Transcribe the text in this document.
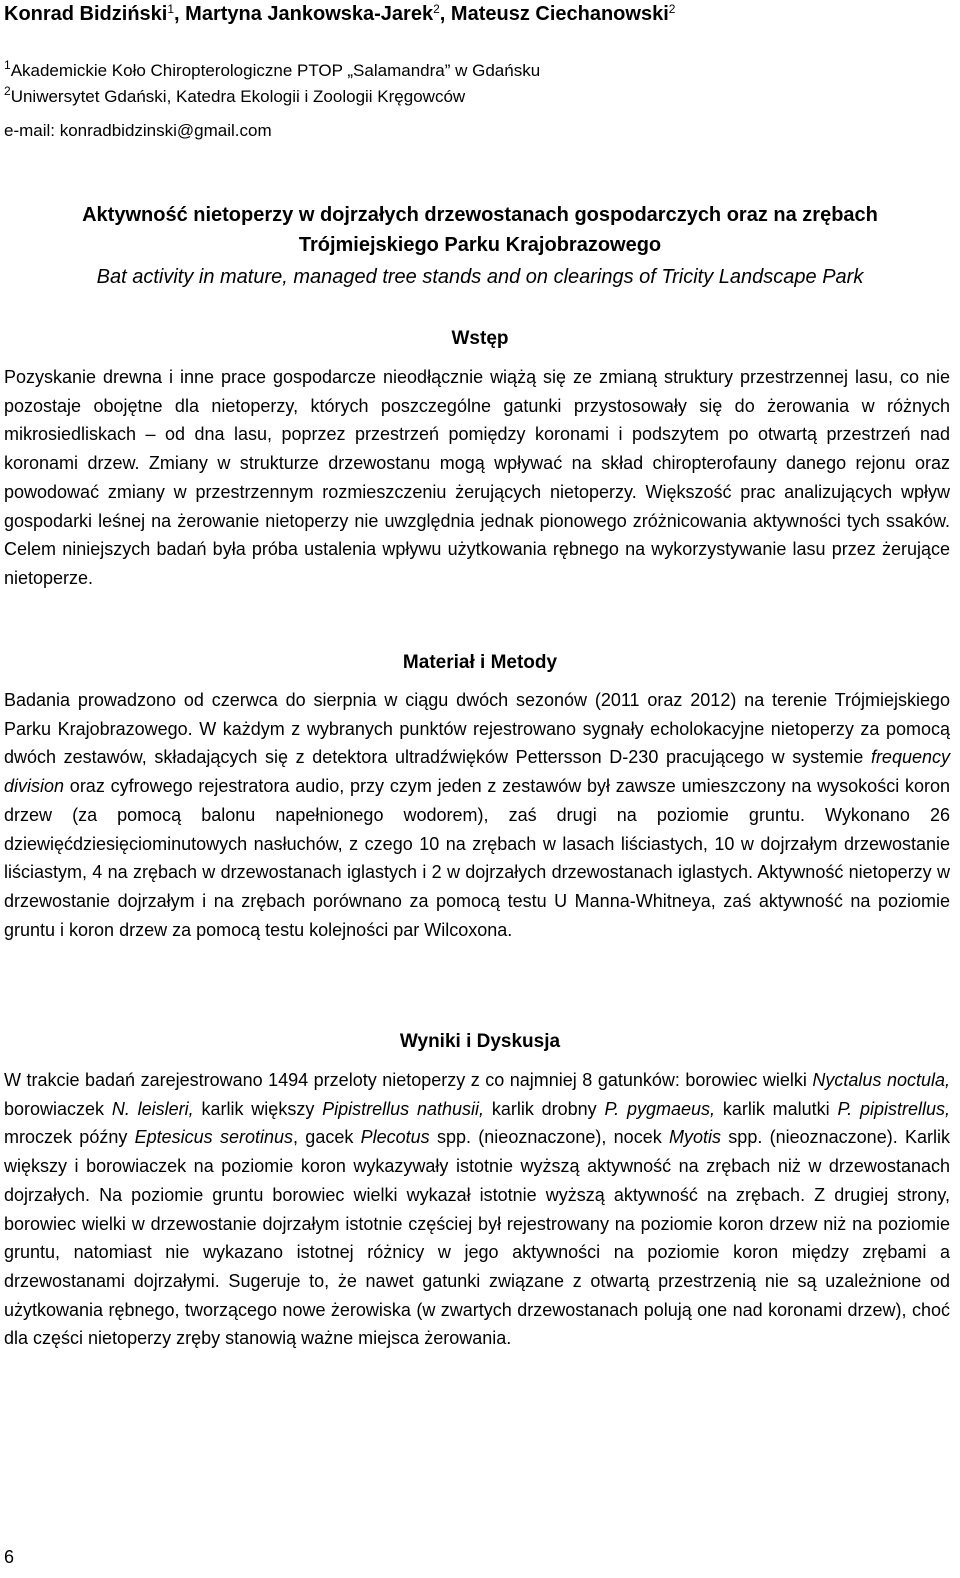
Konrad Bidziński$^1$, Martyna Jankowska-Jarek$^2$, Mateusz Ciechanowski$^2$
$^1$Akademickie Koło Chiropterologiczne PTOP „Salamandra” w Gdańsku
$^2$Uniwersytet Gdański, Katedra Ekologii i Zoologii Kręgowców
e-mail: konradbidzinski@gmail.com
Aktywność nietoperzy w dojrzałych drzewostanach gospodarczych oraz na zrębach
Trójmiejskiego Parku Krajobrazowego
Bat activity in mature, managed tree stands and on clearings of Tricity Landscape Park
Wstęp

Pozyskanie drewna i inne prace gospodarcze nieodłącznie wiążą się ze zmianą struktury przestrzennej lasu, co nie pozostaje obojętne dla nietoperzy, których poszczególne gatunki przystosowały się do żerowania w różnych mikrosiedliskach – od dna lasu, poprzez przestrzeń pomiędzy koronami i podszytem po otwartą przestrzeń nad koronami drzew. Zmiany w strukturze drzewostanu mogą wpływać na skład chiropterofauny danego rejonu oraz powodować zmiany w przestrzennym rozmieszczeniu żerujących nietoperzy. Większość prac analizujących wpływ gospodarki leśnej na żerowanie nietoperzy nie uwzględnia jednak pionowego zróżnicowania aktywności tych ssaków. Celem niniejszych badań była próba ustalenia wpływu użytkowania rębnego na wykorzystywanie lasu przez żerujące nietoperze.

Materiał i Metody

Badania prowadzono od czerwca do sierpnia w ciągu dwóch sezonów (2011 oraz 2012) na terenie Trójmiejskiego Parku Krajobrazowego. W każdym z wybranych punktów rejestrowano sygnały echolokacyjne nietoperzy za pomocą dwóch zestawów, składających się z detektora ultradźwięków Pettersson D-230 pracującego w systemie frequency division oraz cyfrowego rejestratora audio, przy czym jeden z zestawów był zawsze umieszczony na wysokości koron drzew (za pomocą balonu napełnionego wodorem), zaś drugi na poziomie gruntu. Wykonano 26 dziewięćdziesięciominutowych nasłuchów, z czego 10 na zrębach w lasach liściastych, 10 w dojrzałym drzewostanie liściastym, 4 na zrębach w drzewostanach iglastych i 2 w dojrzałych drzewostanach iglastych. Aktywność nietoperzy w drzewostanie dojrzałym i na zrębach porównano za pomocą testu U Manna-Whitneya, zaś aktywność na poziomie gruntu i koron drzew za pomocą testu kolejności par Wilcoxona.

Wyniki i Dyskusja

W trakcie badań zarejestrowano 1494 przeloty nietoperzy z co najmniej 8 gatunków: borowiec wielki Nyctalus noctula, borowiaczek N. leisleri, karlik większy Pipistrellus nathusii, karlik drobny P. pygmaeus, karlik malutki P. pipistrellus, mroczek późny Eptesicus serotinus, gacek Plecotus spp. (nieoznaczone), nocek Myotis spp. (nieoznaczone). Karlik większy i borowiaczek na poziomie koron wykazywały istotnie wyższą aktywność na zrębach niż w drzewostanach dojrzałych. Na poziomie gruntu borowiec wielki wykazał istotnie wyższą aktywność na zrębach. Z drugiej strony, borowiec wielki w drzewostanie dojrzałym istotnie częściej był rejestrowany na poziomie koron drzew niż na poziomie gruntu, natomiast nie wykazano istotnej różnicy w jego aktywności na poziomie koron między zrębami a drzewostanami dojrzałymi. Sugeruje to, że nawet gatunki związane z otwartą przestrzenią nie są uzależnione od użytkowania rębnego, tworzącego nowe żerowiska (w zwartych drzewostanach polują one nad koronami drzew), choć dla części nietoperzy zręby stanowią ważne miejsca żerowania.

6
